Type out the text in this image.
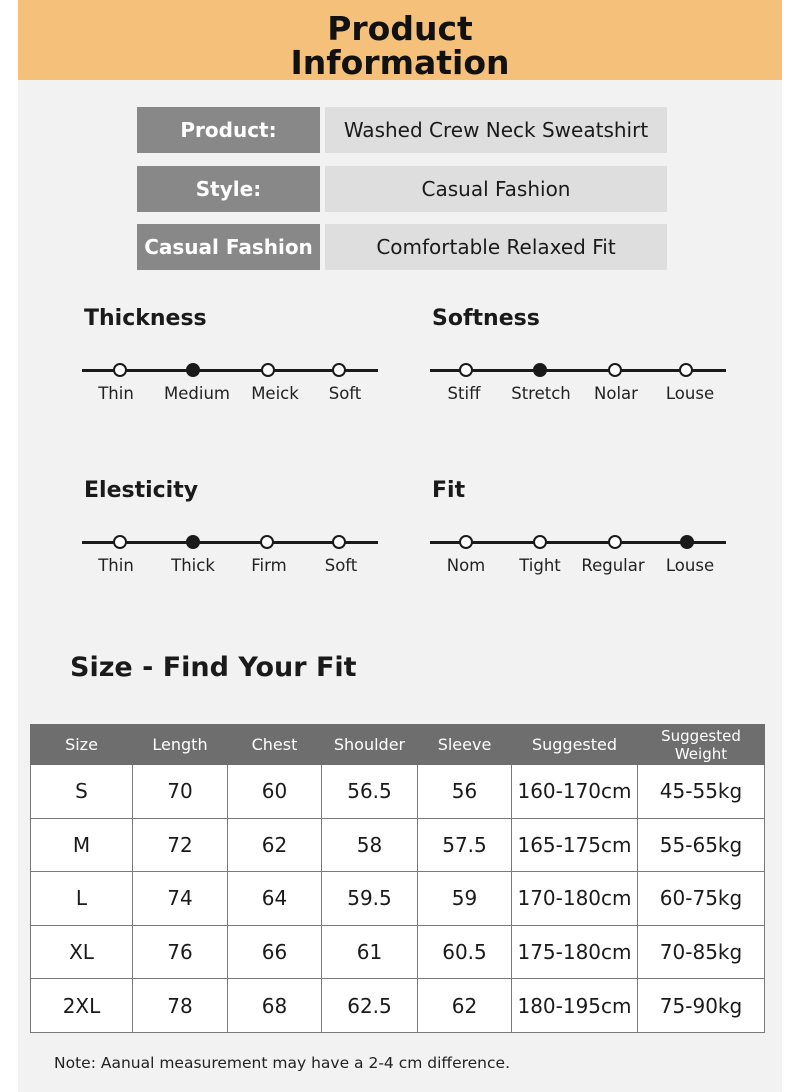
Product
Information
Product:	Washed Crew Neck Sweatshirt
Style:	Casual Fashion
Casual Fashion	Comfortable Relaxed Fit
Thickness
Thin	Medium	Meick	Soft
Softness
Stiff	Stretch	Nolar	Louse
Elesticity
Thin	Thick	Firm	Soft
Fit
Nom	Tight	Regular	Louse
Size - Find Your Fit
Size	Length	Chest	Shoulder	Sleeve	Suggested	Suggested Weight
S	70	60	56.5	56	160-170cm	45-55kg
M	72	62	58	57.5	165-175cm	55-65kg
L	74	64	59.5	59	170-180cm	60-75kg
XL	76	66	61	60.5	175-180cm	70-85kg
2XL	78	68	62.5	62	180-195cm	75-90kg
Note: Aanual measurement may have a 2-4 cm difference.
